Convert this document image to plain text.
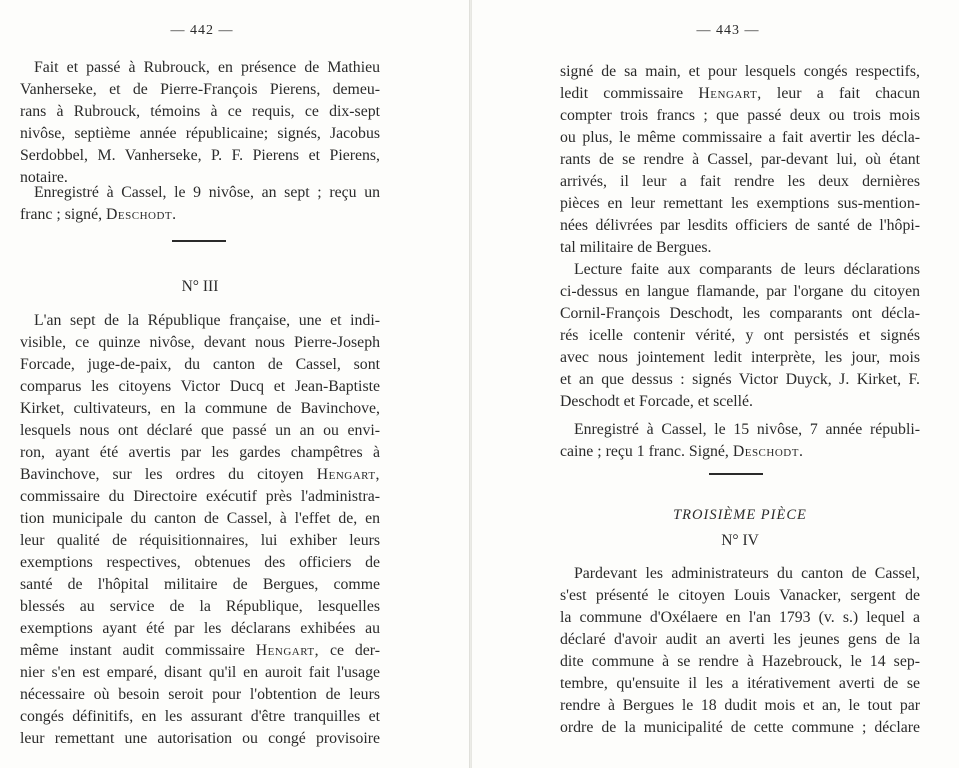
— 442 —
Fait et passé à Rubrouck, en présence de Mathieu
Vanherseke, et de Pierre-François Pierens, demeu-
rans à Rubrouck, témoins à ce requis, ce dix-sept
nivôse, septième année républicaine; signés, Jacobus
Serdobbel, M. Vanherseke, P. F. Pierens et Pierens,
notaire.
Enregistré à Cassel, le 9 nivôse, an sept ; reçu un
franc ; signé, Deschodt.
N° III
L'an sept de la République française, une et indi-
visible, ce quinze nivôse, devant nous Pierre-Joseph
Forcade, juge-de-paix, du canton de Cassel, sont
comparus les citoyens Victor Ducq et Jean-Baptiste
Kirket, cultivateurs, en la commune de Bavinchove,
lesquels nous ont déclaré que passé un an ou envi-
ron, ayant été avertis par les gardes champêtres à
Bavinchove, sur les ordres du citoyen Hengart,
commissaire du Directoire exécutif près l'administra-
tion municipale du canton de Cassel, à l'effet de, en
leur qualité de réquisitionnaires, lui exhiber leurs
exemptions respectives, obtenues des officiers de
santé de l'hôpital militaire de Bergues, comme
blessés au service de la République, lesquelles
exemptions ayant été par les déclarans exhibées au
même instant audit commissaire Hengart, ce der-
nier s'en est emparé, disant qu'il en auroit fait l'usage
nécessaire où besoin seroit pour l'obtention de leurs
congés définitifs, en les assurant d'être tranquilles et
leur remettant une autorisation ou congé provisoire
— 443 —
signé de sa main, et pour lesquels congés respectifs,
ledit commissaire Hengart, leur a fait chacun
compter trois francs ; que passé deux ou trois mois
ou plus, le même commissaire a fait avertir les décla-
rants de se rendre à Cassel, par-devant lui, où étant
arrivés, il leur a fait rendre les deux dernières
pièces en leur remettant les exemptions sus-mention-
nées délivrées par lesdits officiers de santé de l'hôpi-
tal militaire de Bergues.
Lecture faite aux comparants de leurs déclarations
ci-dessus en langue flamande, par l'organe du citoyen
Cornil-François Deschodt, les comparants ont décla-
rés icelle contenir vérité, y ont persistés et signés
avec nous jointement ledit interprète, les jour, mois
et an que dessus : signés Victor Duyck, J. Kirket, F.
Deschodt et Forcade, et scellé.
Enregistré à Cassel, le 15 nivôse, 7 année républi-
caine ; reçu 1 franc. Signé, Deschodt.
TROISIÈME PIÈCE
N° IV
Pardevant les administrateurs du canton de Cassel,
s'est présenté le citoyen Louis Vanacker, sergent de
la commune d'Oxélaere en l'an 1793 (v. s.) lequel a
déclaré d'avoir audit an averti les jeunes gens de la
dite commune à se rendre à Hazebrouck, le 14 sep-
tembre, qu'ensuite il les a itérativement averti de se
rendre à Bergues le 18 dudit mois et an, le tout par
ordre de la municipalité de cette commune ; déclare
